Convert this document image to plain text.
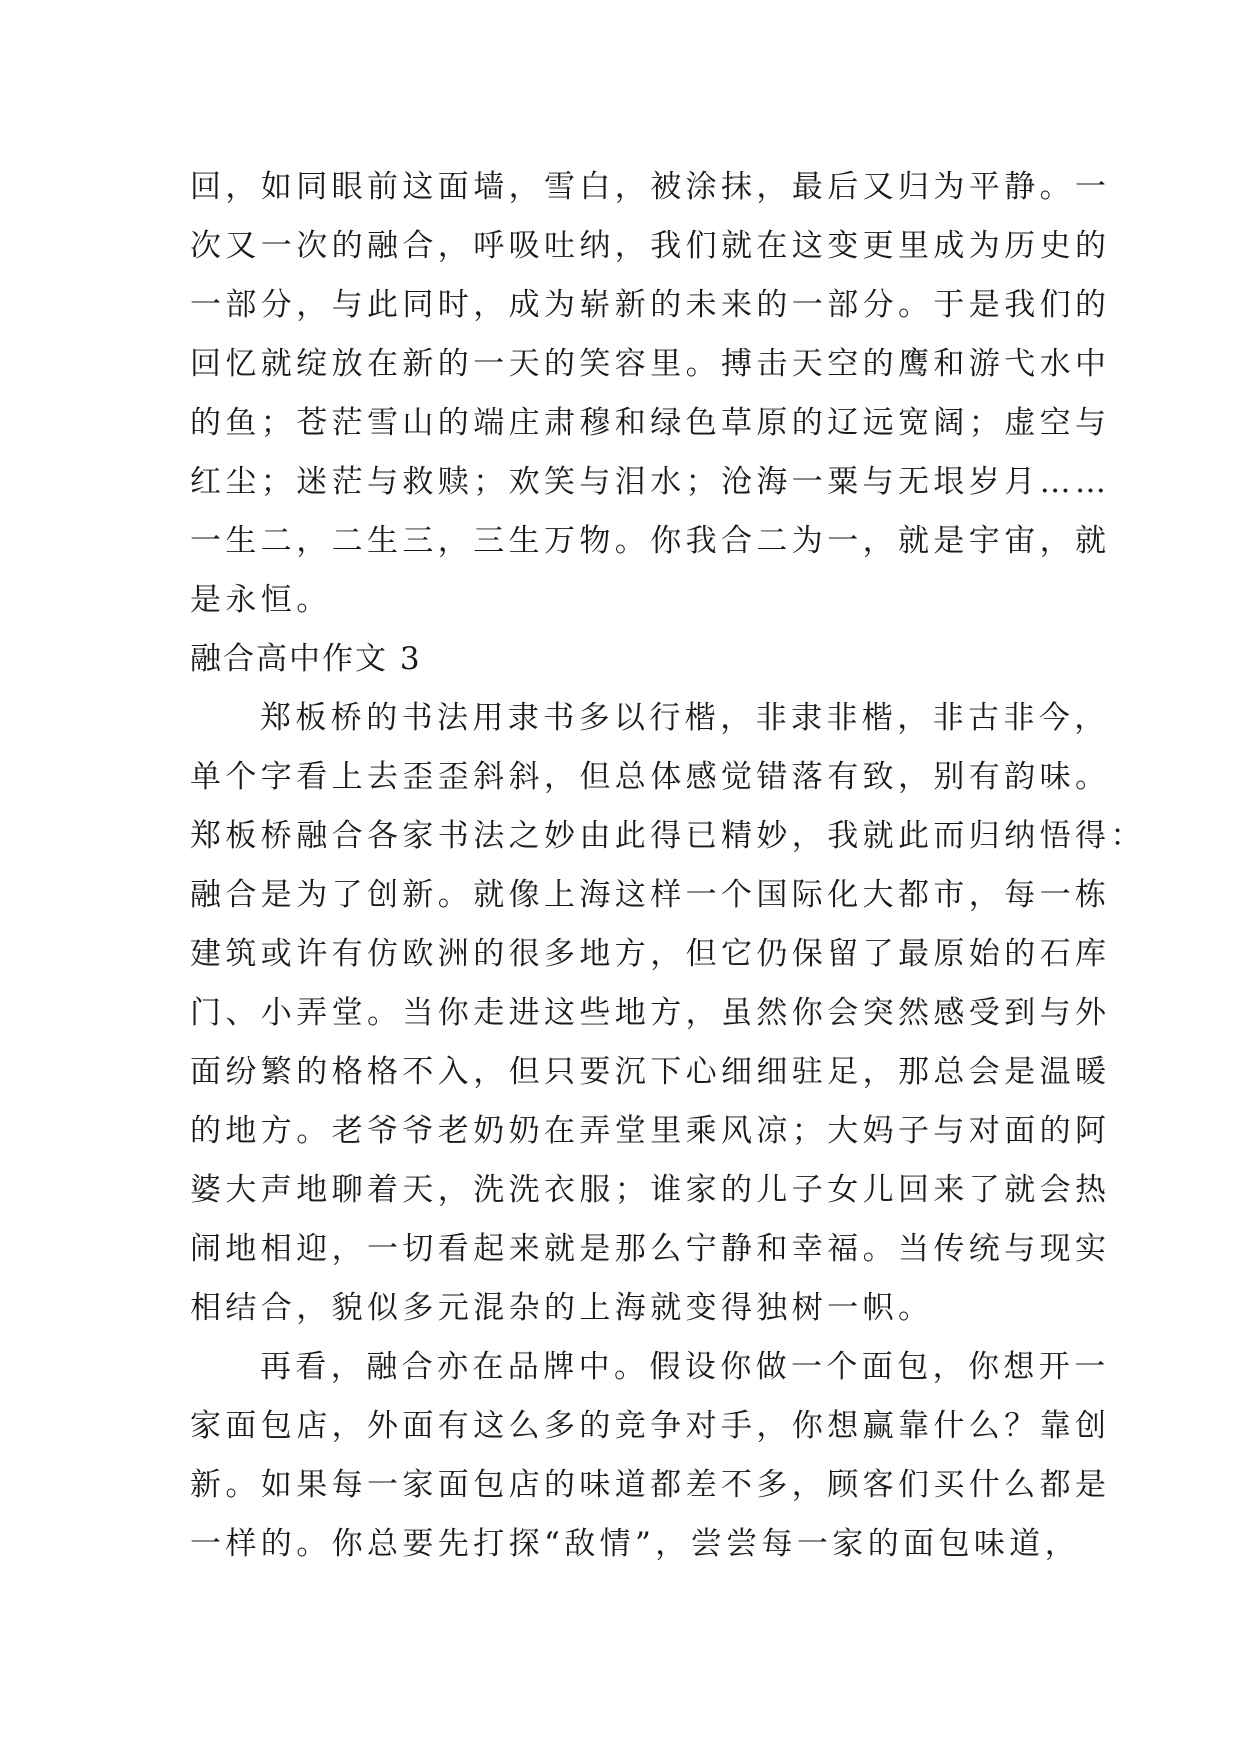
回，如同眼前这面墙，雪白，被涂抹，最后又归为平静。一
次又一次的融合，呼吸吐纳，我们就在这变更里成为历史的
一部分，与此同时，成为崭新的未来的一部分。于是我们的
回忆就绽放在新的一天的笑容里。搏击天空的鹰和游弋水中
的鱼；苍茫雪山的端庄肃穆和绿色草原的辽远宽阔；虚空与
红尘；迷茫与救赎；欢笑与泪水；沧海一粟与无垠岁月……
一生二，二生三，三生万物。你我合二为一，就是宇宙，就
是永恒。
融合高中作文 3
郑板桥的书法用隶书多以行楷，非隶非楷，非古非今，
单个字看上去歪歪斜斜，但总体感觉错落有致，别有韵味。
郑板桥融合各家书法之妙由此得已精妙，我就此而归纳悟得：
融合是为了创新。就像上海这样一个国际化大都市，每一栋
建筑或许有仿欧洲的很多地方，但它仍保留了最原始的石库
门、小弄堂。当你走进这些地方，虽然你会突然感受到与外
面纷繁的格格不入，但只要沉下心细细驻足，那总会是温暖
的地方。老爷爷老奶奶在弄堂里乘风凉；大妈子与对面的阿
婆大声地聊着天，洗洗衣服；谁家的儿子女儿回来了就会热
闹地相迎，一切看起来就是那么宁静和幸福。当传统与现实
相结合，貌似多元混杂的上海就变得独树一帜。
再看，融合亦在品牌中。假设你做一个面包，你想开一
家面包店，外面有这么多的竞争对手，你想赢靠什么？靠创
新。如果每一家面包店的味道都差不多，顾客们买什么都是
一样的。你总要先打探“敌情”，尝尝每一家的面包味道，
